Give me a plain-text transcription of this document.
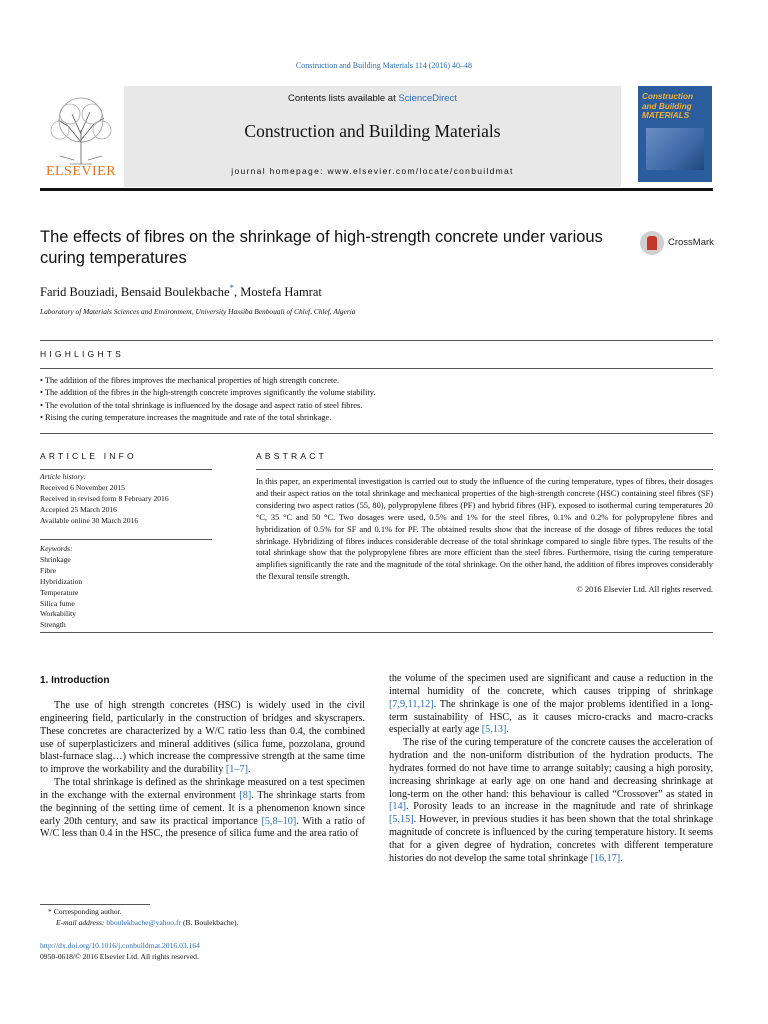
Construction and Building Materials 114 (2016) 40–48
ELSEVIER
Contents lists available at ScienceDirect
Construction and Building Materials
journal homepage: www.elsevier.com/locate/conbuildmat
Construction and Building MATERIALS
The effects of fibres on the shrinkage of high-strength concrete under various curing temperatures
CrossMark
Farid Bouziadi, Bensaid Boulekbache*, Mostefa Hamrat
Laboratory of Materials Sciences and Environment, University Hassiba Benbouali of Chlef, Chlef, Algeria
HIGHLIGHTS
• The addition of the fibres improves the mechanical properties of high strength concrete.
• The addition of the fibres in the high-strength concrete improves significantly the volume stability.
• The evolution of the total shrinkage is influenced by the dosage and aspect ratio of steel fibres.
• Rising the curing temperature increases the magnitude and rate of the total shrinkage.
ARTICLE INFO
Article history:
Received 6 November 2015
Received in revised form 8 February 2016
Accepted 25 March 2016
Available online 30 March 2016
Keywords:
Shrinkage
Fibre
Hybridization
Temperature
Silica fume
Workability
Strength
ABSTRACT
In this paper, an experimental investigation is carried out to study the influence of the curing temperature, types of fibres, their dosages and their aspect ratios on the total shrinkage and mechanical properties of the high-strength concrete (HSC) containing steel fibres (SF) considering two aspect ratios (55, 80), polypropylene fibres (PF) and hybrid fibres (HF), exposed to isothermal curing temperatures 20 °C, 35 °C and 50 °C. Two dosages were used, 0.5% and 1% for the steel fibres, 0.1% and 0.2% for polypropylene fibres and hybridization of 0.5% for SF and 0.1% for PF. The obtained results show that the increase of the dosage of fibres reduces the total shrinkage. Hybridizing of fibres induces considerable decrease of the total shrinkage compared to single fibre types. The results of the total shrinkage show that the polypropylene fibres are more efficient than the steel fibres. Furthermore, rising the curing temperature amplifies significantly the rate and the magnitude of the total shrinkage. On the other hand, the addition of fibres improves considerably the flexural tensile strength.
© 2016 Elsevier Ltd. All rights reserved.
1. Introduction

The use of high strength concretes (HSC) is widely used in the civil engineering field, particularly in the construction of bridges and skyscrapers. These concretes are characterized by a W/C ratio less than 0.4, the combined use of superplasticizers and mineral additives (silica fume, pozzolana, ground blast-furnace slag…) which increase the compressive strength at the same time to improve the workability and the durability [1–7].

The total shrinkage is defined as the shrinkage measured on a test specimen in the exchange with the external environment [8]. The shrinkage starts from the beginning of the setting time of cement. It is a phenomenon known since early 20th century, and saw its practical importance [5,8–10]. With a ratio of W/C less than 0.4 in the HSC, the presence of silica fume and the area ratio of

the volume of the specimen used are significant and cause a reduction in the internal humidity of the concrete, which causes tripping of shrinkage [7,9,11,12]. The shrinkage is one of the major problems identified in a long-term sustainability of HSC, as it causes micro-cracks and macro-cracks especially at early age [5,13].

The rise of the curing temperature of the concrete causes the acceleration of hydration and the non-uniform distribution of the hydration products. The hydrates formed do not have time to arrange suitably; causing a high porosity, increasing shrinkage at early age on one hand and decreasing shrinkage at long-term on the other hand: this behaviour is called “Crossover” as stated in [14]. Porosity leads to an increase in the magnitude and rate of shrinkage [5,15]. However, in previous studies it has been shown that the total shrinkage magnitude of concrete is influenced by the curing temperature history. It seems that for a given degree of hydration, concretes with different temperature histories do not develop the same total shrinkage [16,17].

* Corresponding author.
E-mail address: bboulekbache@yahoo.fr (B. Boulekbache).
http://dx.doi.org/10.1016/j.conbuildmat.2016.03.164
0950-0618/© 2016 Elsevier Ltd. All rights reserved.
